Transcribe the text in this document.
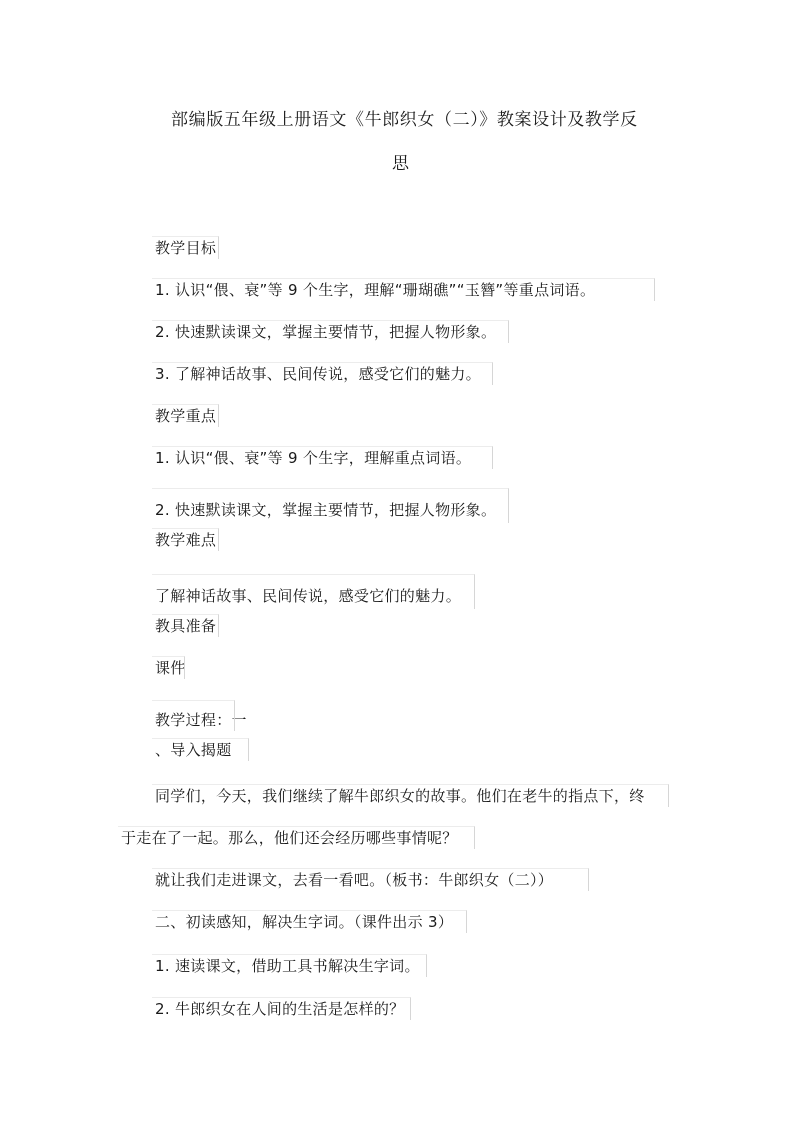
部编版五年级上册语文《牛郎织女（二）》教案设计及教学反
思
教学目标
1. 认识“偎、衰”等 9 个生字，理解“珊瑚礁”“玉簪”等重点词语。
2. 快速默读课文，掌握主要情节，把握人物形象。
3. 了解神话故事、民间传说，感受它们的魅力。
教学重点
1. 认识“偎、衰”等 9 个生字，理解重点词语。
2. 快速默读课文，掌握主要情节，把握人物形象。
教学难点
了解神话故事、民间传说，感受它们的魅力。
教具准备
课件
教学过程：一
、导入揭题
同学们，今天，我们继续了解牛郎织女的故事。他们在老牛的指点下，终
于走在了一起。那么，他们还会经历哪些事情呢？
就让我们走进课文，去看一看吧。（板书：牛郎织女（二））
二、初读感知，解决生字词。（课件出示 3）
1. 速读课文，借助工具书解决生字词。
2. 牛郎织女在人间的生活是怎样的？
